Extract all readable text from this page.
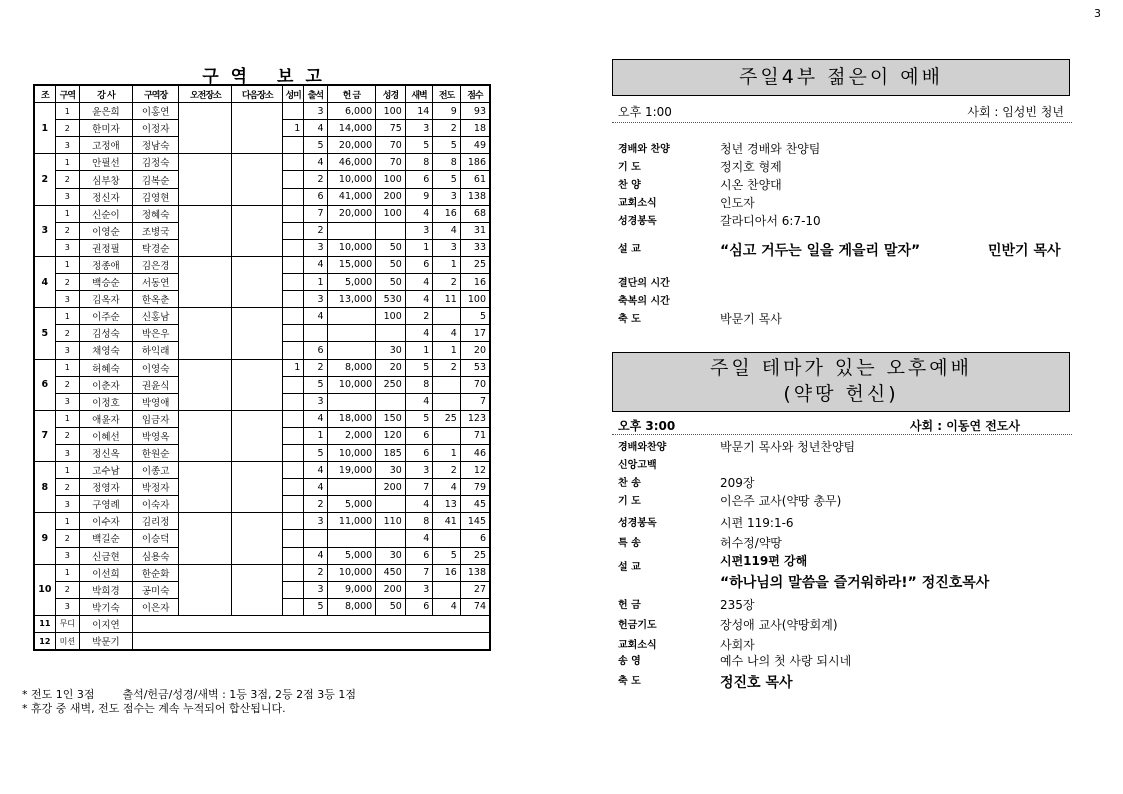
3
구역 보고
조	구역	강 사	구역장	오전장소	다음장소	성미	출석	헌 금	성경	새벽	전도	점수
1	1	윤은희	이홍연				3	6,000	100	14	9	93
	2	한미자	이정자			1	4	14,000	75	3	2	18
	3	고정애	정남숙				5	20,000	70	5	5	49
2	1	안필선	김정숙				4	46,000	70	8	8	186
	2	심부창	김복순				2	10,000	100	6	5	61
	3	정신자	김영현				6	41,000	200	9	3	138
3	1	신순이	정혜숙				7	20,000	100	4	16	68
	2	이영순	조병국				2			3	4	31
	3	권정필	탁경순				3	10,000	50	1	3	33
4	1	정종애	김은경				4	15,000	50	6	1	25
	2	백승순	서동연				1	5,000	50	4	2	16
	3	김옥자	한옥춘				3	13,000	530	4	11	100
5	1	이주순	신홍남				4		100	2		5
	2	김성숙	박은우							4	4	17
	3	채영숙	하익래				6		30	1	1	20
6	1	허혜숙	이영숙			1	2	8,000	20	5	2	53
	2	이춘자	권윤식				5	10,000	250	8		70
	3	이정호	박영애				3			4		7
7	1	애윤자	임금자				4	18,000	150	5	25	123
	2	이혜선	박영옥				1	2,000	120	6		71
	3	정신옥	한원순				5	10,000	185	6	1	46
8	1	고수남	이종고				4	19,000	30	3	2	12
	2	정영자	박정자				4		200	7	4	79
	3	구영례	이숙자				2	5,000		4	13	45
9	1	이수자	김리정				3	11,000	110	8	41	145
	2	백길순	이승덕							4		6
	3	신금현	심용숙				4	5,000	30	6	5	25
10	1	이선희	한순화				2	10,000	450	7	16	138
	2	박희경	공미숙				3	9,000	200	3		27
	3	박기숙	이은자				5	8,000	50	6	4	74
11	무디	이지연										
12	미션	박문기										
* 전도 1인 3점        출석/헌금/성경/새벽 : 1등 3점, 2등 2점 3등 1점
* 휴강 중 새벽, 전도 점수는 계속 누적되어 합산됩니다.
주일4부 젊은이 예배
오후 1:00	사회 : 임성빈 청년
경배와 찬양	청년 경배와 찬양팀
기 도	정지호 형제
찬 양	시온 찬양대
교회소식	인도자
성경봉독	갈라디아서 6:7-10
설 교	“심고 거두는 일을 게을리 말자”	민반기 목사
결단의 시간
축복의 시간
축 도	박문기 목사
주일 테마가 있는 오후예배
(약땅 헌신)
오후 3:00	사회 : 이동연 전도사
경배와찬양	박문기 목사와 청년찬양팀
신앙고백
찬 송	209장
기 도	이은주 교사(약땅 총무)
성경봉독	시편 119:1-6
특 송	허수정/약땅
설 교	시편119편 강해
“하나님의 말씀을 즐거워하라!” 정진호목사
헌 금	235장
헌금기도	장성애 교사(약땅회계)
교회소식	사회자
송 영	예수 나의 첫 사랑 되시네
축 도	정진호 목사
